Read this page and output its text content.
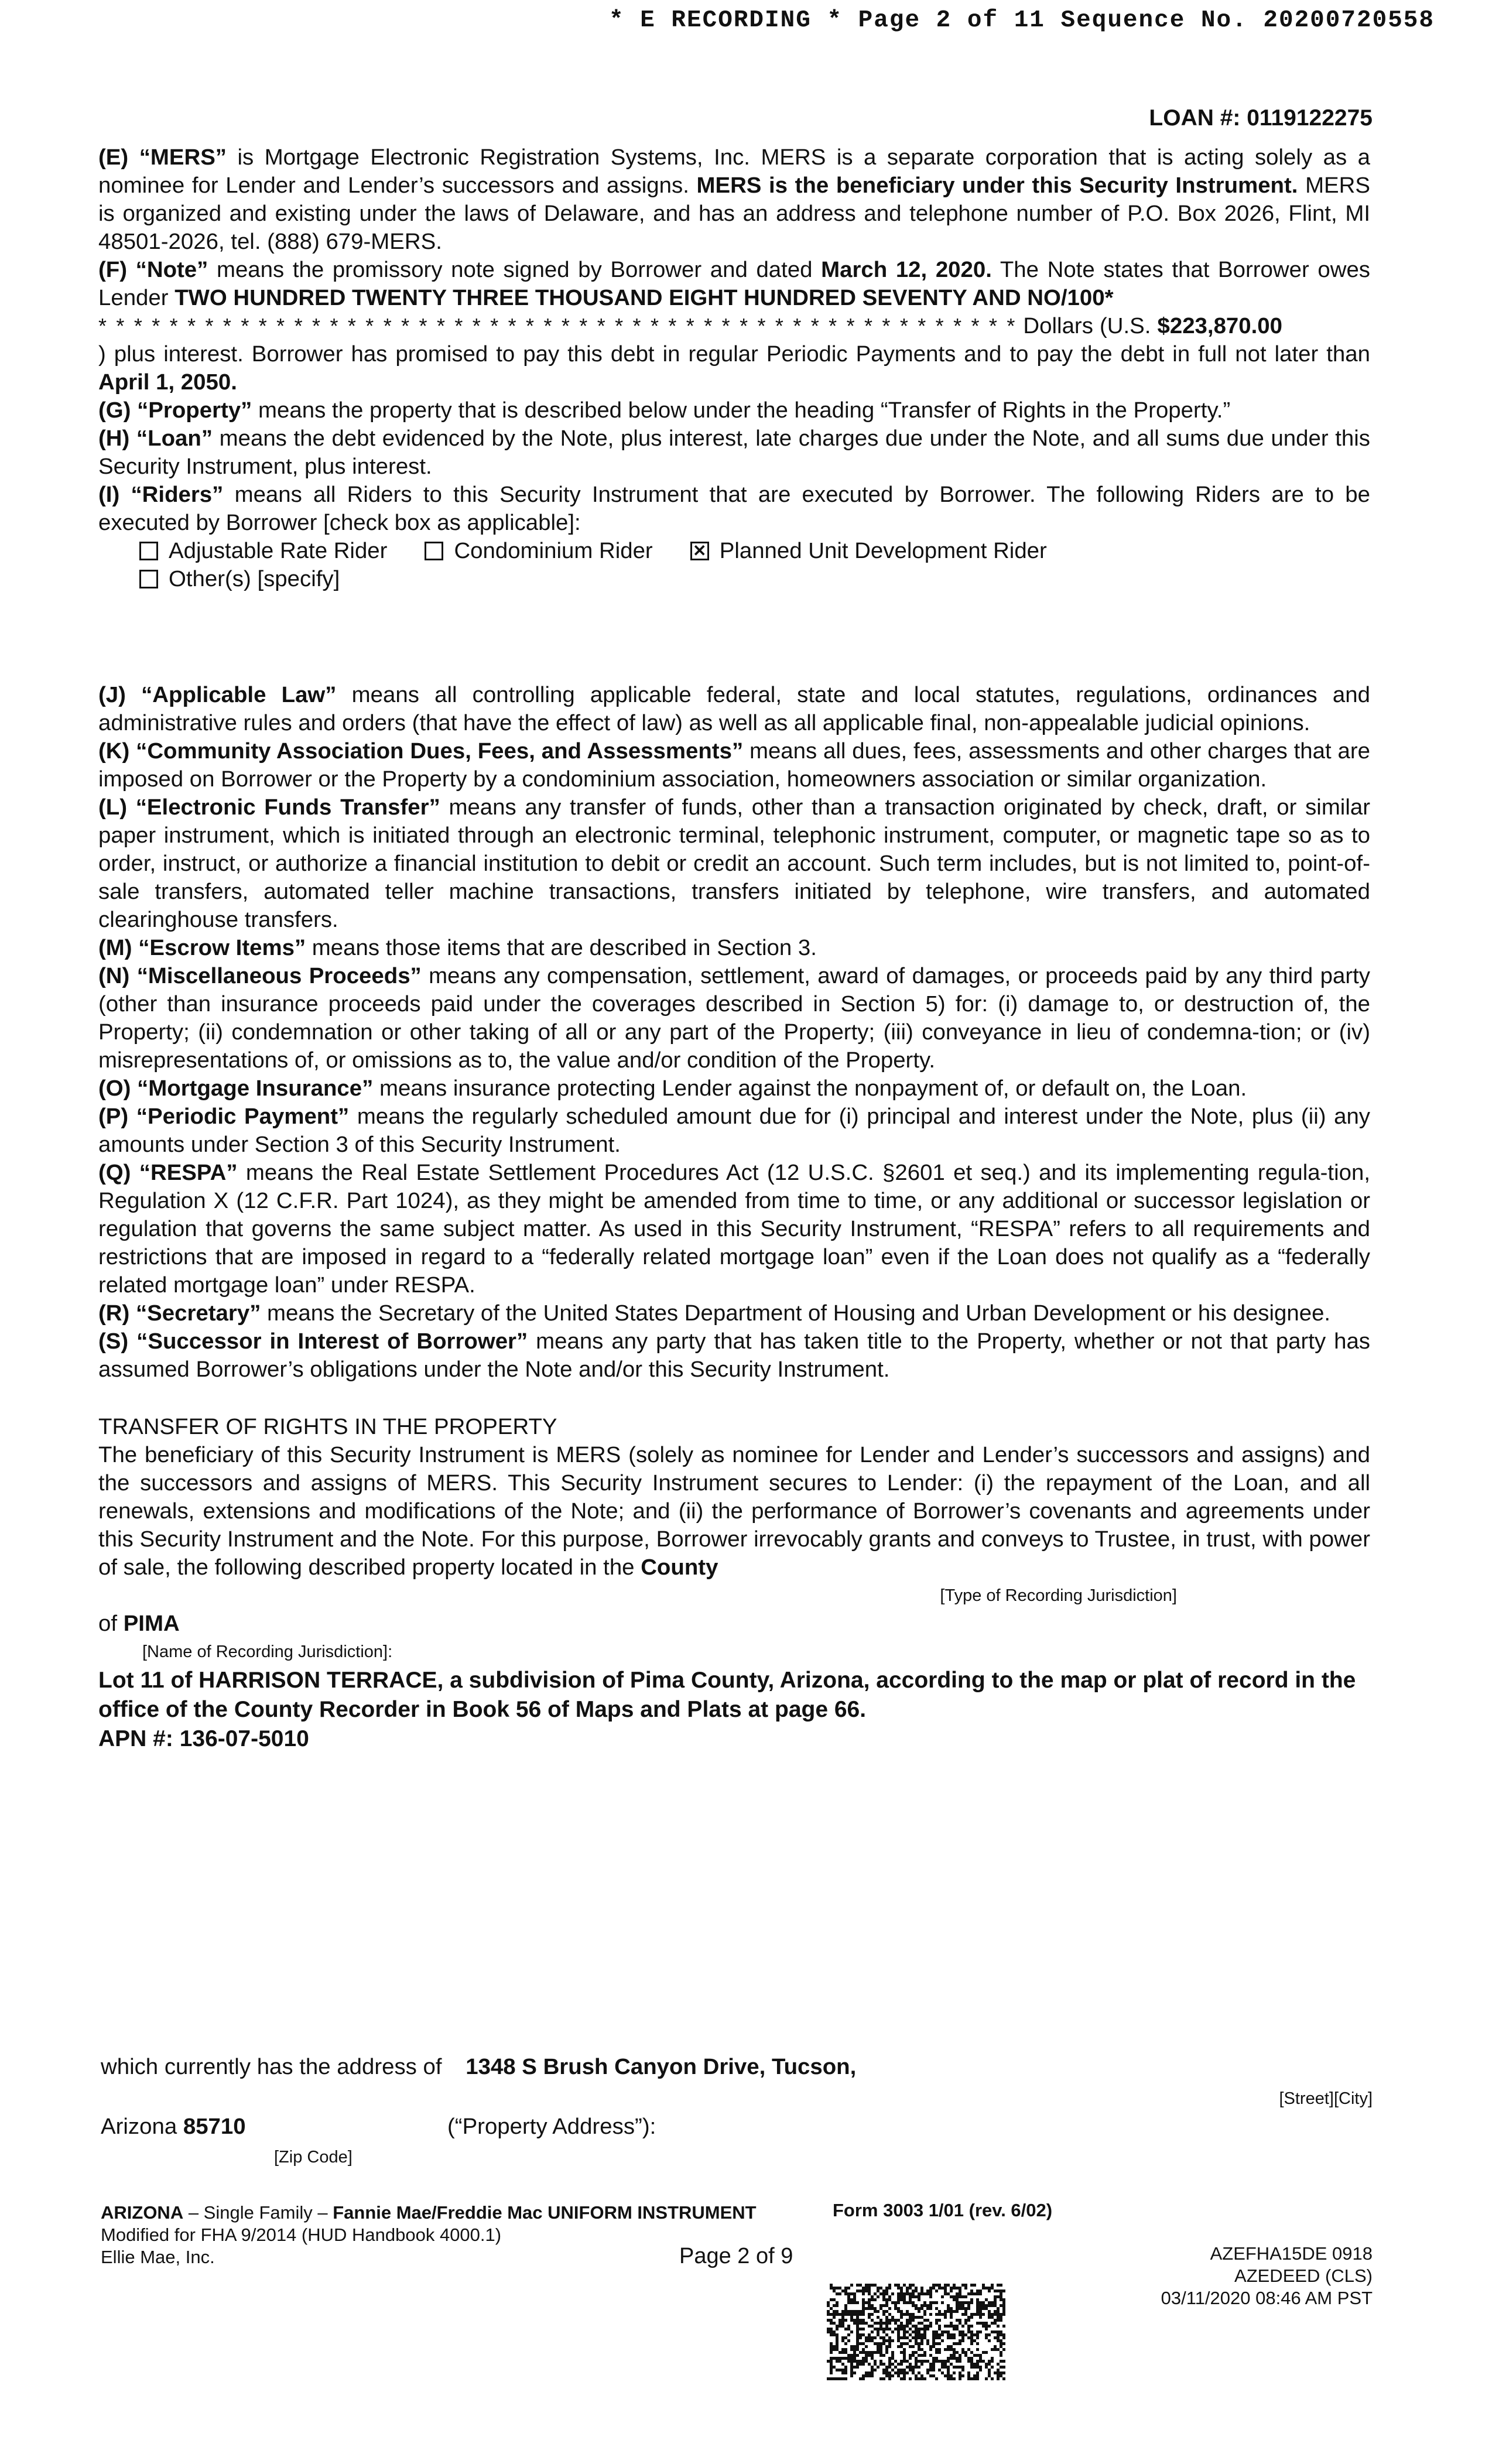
* E RECORDING * Page 2 of 11 Sequence No. 20200720558
LOAN #: 0119122275

(E) “MERS” is Mortgage Electronic Registration Systems, Inc. MERS is a separate corporation that is acting solely as a nominee for Lender and Lender’s successors and assigns. MERS is the beneficiary under this Security Instrument. MERS is organized and existing under the laws of Delaware, and has an address and telephone number of P.O. Box 2026, Flint, MI 48501-2026, tel. (888) 679-MERS.

(F) “Note” means the promissory note signed by Borrower and dated March 12, 2020. The Note states that Borrower owes Lender TWO HUNDRED TWENTY THREE THOUSAND EIGHT HUNDRED SEVENTY AND NO/100*
* * * * * * * * * * * * * * * * * * * * * * * * * * * * * * * * * * * * * * * * * * * * * * * * * * * * Dollars (U.S. $223,870.00 ) plus interest. Borrower has promised to pay this debt in regular Periodic Payments and to pay the debt in full not later than April 1, 2050.

(G) “Property” means the property that is described below under the heading “Transfer of Rights in the Property.”

(H) “Loan” means the debt evidenced by the Note, plus interest, late charges due under the Note, and all sums due under this Security Instrument, plus interest.

(I) “Riders” means all Riders to this Security Instrument that are executed by Borrower. The following Riders are to be executed by Borrower [check box as applicable]:

Adjustable Rate Rider	Condominium Rider ✕ Planned Unit Development Rider
Other(s) [specify]

(J) “Applicable Law” means all controlling applicable federal, state and local statutes, regulations, ordinances and administrative rules and orders (that have the effect of law) as well as all applicable final, non-appealable judicial opinions.

(K) “Community Association Dues, Fees, and Assessments” means all dues, fees, assessments and other charges that are imposed on Borrower or the Property by a condominium association, homeowners association or similar organization.

(L) “Electronic Funds Transfer” means any transfer of funds, other than a transaction originated by check, draft, or similar paper instrument, which is initiated through an electronic terminal, telephonic instrument, computer, or magnetic tape so as to order, instruct, or authorize a financial institution to debit or credit an account. Such term includes, but is not limited to, point-of-sale transfers, automated teller machine transactions, transfers initiated by telephone, wire transfers, and automated clearinghouse transfers.

(M) “Escrow Items” means those items that are described in Section 3.

(N) “Miscellaneous Proceeds” means any compensation, settlement, award of damages, or proceeds paid by any third party (other than insurance proceeds paid under the coverages described in Section 5) for: (i) damage to, or destruction of, the Property; (ii) condemnation or other taking of all or any part of the Property; (iii) conveyance in lieu of condemna-tion; or (iv) misrepresentations of, or omissions as to, the value and/or condition of the Property.

(O) “Mortgage Insurance” means insurance protecting Lender against the nonpayment of, or default on, the Loan.

(P) “Periodic Payment” means the regularly scheduled amount due for (i) principal and interest under the Note, plus (ii) any amounts under Section 3 of this Security Instrument.

(Q) “RESPA” means the Real Estate Settlement Procedures Act (12 U.S.C. §2601 et seq.) and its implementing regula-tion, Regulation X (12 C.F.R. Part 1024), as they might be amended from time to time, or any additional or successor legislation or regulation that governs the same subject matter. As used in this Security Instrument, “RESPA” refers to all requirements and restrictions that are imposed in regard to a “federally related mortgage loan” even if the Loan does not qualify as a “federally related mortgage loan” under RESPA.

(R) “Secretary” means the Secretary of the United States Department of Housing and Urban Development or his designee.

(S) “Successor in Interest of Borrower” means any party that has taken title to the Property, whether or not that party has assumed Borrower’s obligations under the Note and/or this Security Instrument.

TRANSFER OF RIGHTS IN THE PROPERTY

The beneficiary of this Security Instrument is MERS (solely as nominee for Lender and Lender’s successors and assigns) and the successors and assigns of MERS. This Security Instrument secures to Lender: (i) the repayment of the Loan, and all renewals, extensions and modifications of the Note; and (ii) the performance of Borrower’s covenants and agreements under this Security Instrument and the Note. For this purpose, Borrower irrevocably grants and conveys to Trustee, in trust, with power of sale, the following described property located in the County

[Type of Recording Jurisdiction]

of PIMA

[Name of Recording Jurisdiction]:

Lot 11 of HARRISON TERRACE, a subdivision of Pima County, Arizona, according to the map or plat of record in the office of the County Recorder in Book 56 of Maps and Plats at page 66.

APN #: 136-07-5010

which currently has the address of 1348 S Brush Canyon Drive, Tucson,
[Street][City]
Arizona 85710	(“Property Address”):
[Zip Code]
ARIZONA – Single Family – Fannie Mae/Freddie Mac UNIFORM INSTRUMENT	Form 3003 1/01 (rev. 6/02)
Modified for FHA 9/2014 (HUD Handbook 4000.1)
Ellie Mae, Inc.	Page 2 of 9	AZEFHA15DE 0918
AZEDEED (CLS)
03/11/2020 08:46 AM PST
